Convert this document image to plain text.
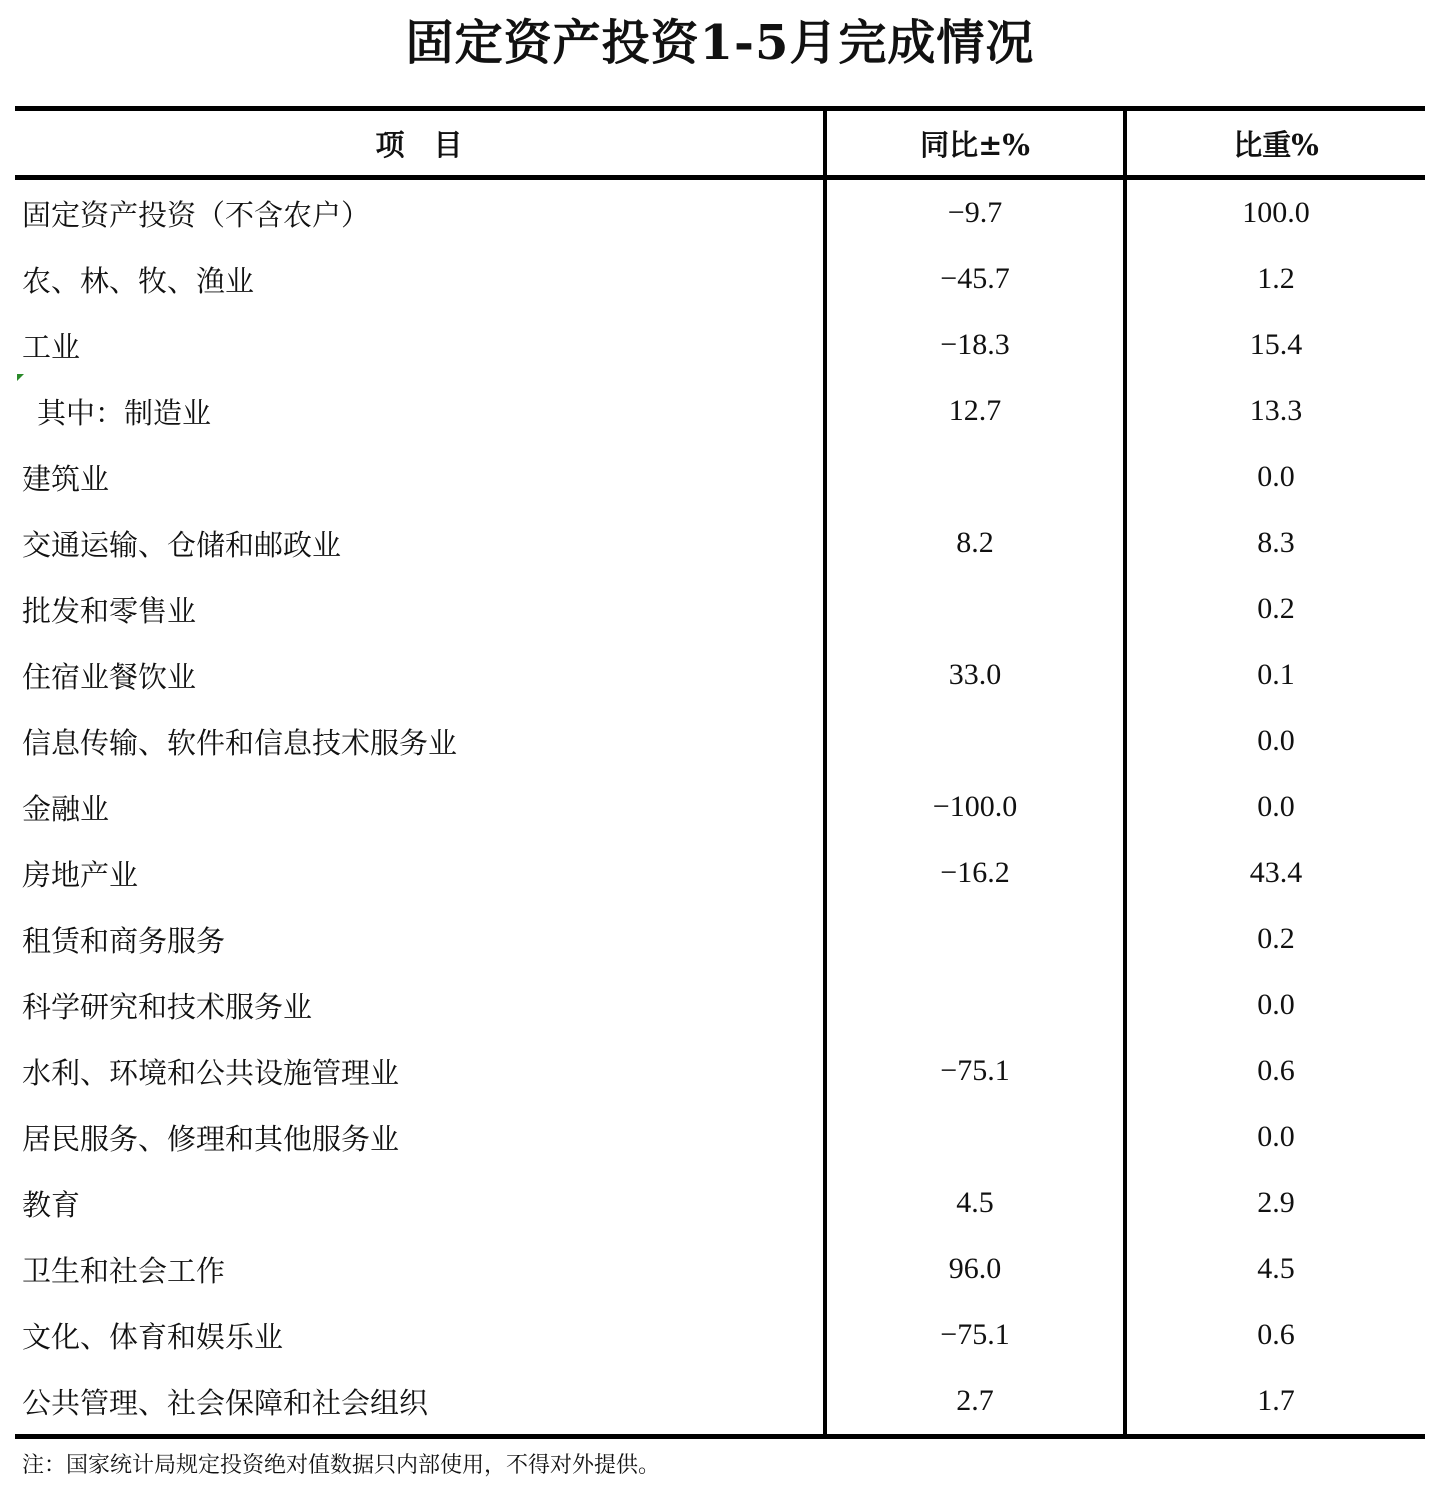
固定资产投资1-5月完成情况
项　目	同比±%	比重%
固定资产投资（不含农户）	−9.7	100.0
农、林、牧、渔业	−45.7	1.2
工业	−18.3	15.4
其中：制造业	12.7	13.3
建筑业		0.0
交通运输、仓储和邮政业	8.2	8.3
批发和零售业		0.2
住宿业餐饮业	33.0	0.1
信息传输、软件和信息技术服务业		0.0
金融业	−100.0	0.0
房地产业	−16.2	43.4
租赁和商务服务		0.2
科学研究和技术服务业		0.0
水利、环境和公共设施管理业	−75.1	0.6
居民服务、修理和其他服务业		0.0
教育	4.5	2.9
卫生和社会工作	96.0	4.5
文化、体育和娱乐业	−75.1	0.6
公共管理、社会保障和社会组织	2.7	1.7
注：国家统计局规定投资绝对值数据只内部使用，不得对外提供。
